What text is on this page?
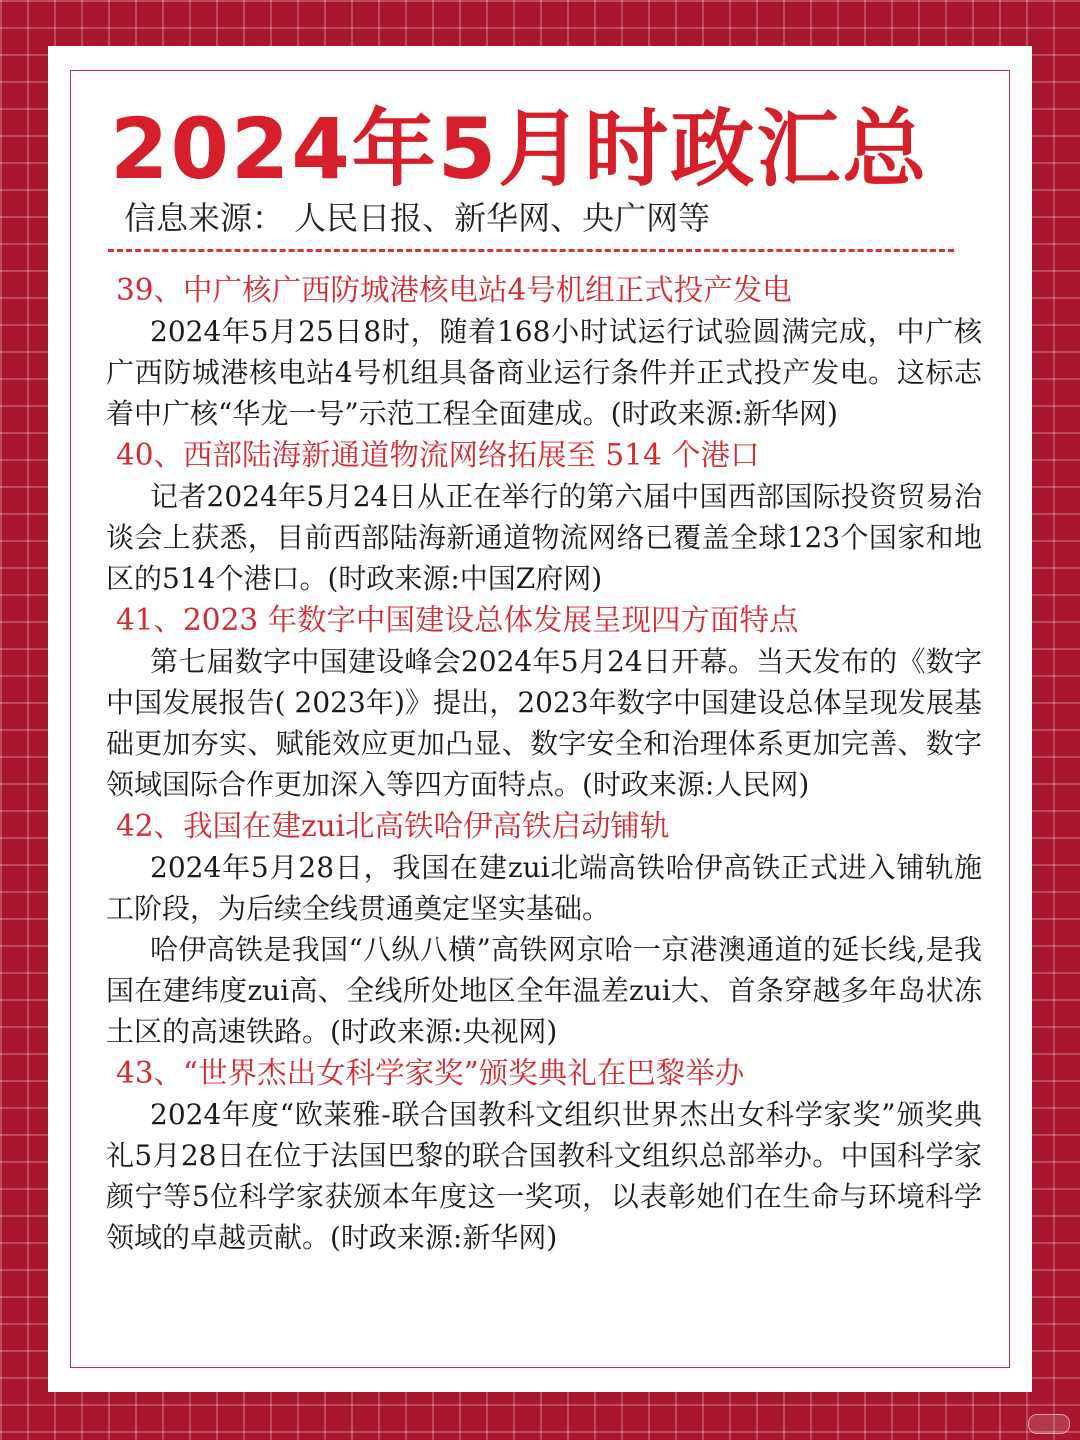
2024年5月时政汇总
信息来源： 人民日报、新华网、央广网等
39、中广核广西防城港核电站4号机组正式投产发电

2024年5月25日8时，随着168小时试运行试验圆满完成，中广核广西防城港核电站4号机组具备商业运行条件并正式投产发电。这标志着中广核“华龙一号”示范工程全面建成。(时政来源:新华网)

40、西部陆海新通道物流网络拓展至 514 个港口

记者2024年5月24日从正在举行的第六届中国西部国际投资贸易治谈会上获悉，目前西部陆海新通道物流网络已覆盖全球123个国家和地区的514个港口。(时政来源:中国Z府网)

41、2023 年数字中国建设总体发展呈现四方面特点

第七届数字中国建设峰会2024年5月24日开幕。当天发布的《数字中国发展报告( 2023年)》提出，2023年数字中国建设总体呈现发展基础更加夯实、赋能效应更加凸显、数字安全和治理体系更加完善、数字领域国际合作更加深入等四方面特点。(时政来源:人民网)

42、我国在建zui北高铁哈伊高铁启动铺轨

2024年5月28日，我国在建zui北端高铁哈伊高铁正式进入铺轨施工阶段，为后续全线贯通奠定坚实基础。

哈伊高铁是我国“八纵八横”高铁网京哈一京港澳通道的延长线,是我国在建纬度zui高、全线所处地区全年温差zui大、首条穿越多年岛状冻土区的高速铁路。(时政来源:央视网)

43、“世界杰出女科学家奖”颁奖典礼在巴黎举办

2024年度“欧莱雅-联合国教科文组织世界杰出女科学家奖”颁奖典礼5月28日在位于法国巴黎的联合国教科文组织总部举办。中国科学家颜宁等5位科学家获颁本年度这一奖项，以表彰她们在生命与环境科学领域的卓越贡献。(时政来源:新华网)
